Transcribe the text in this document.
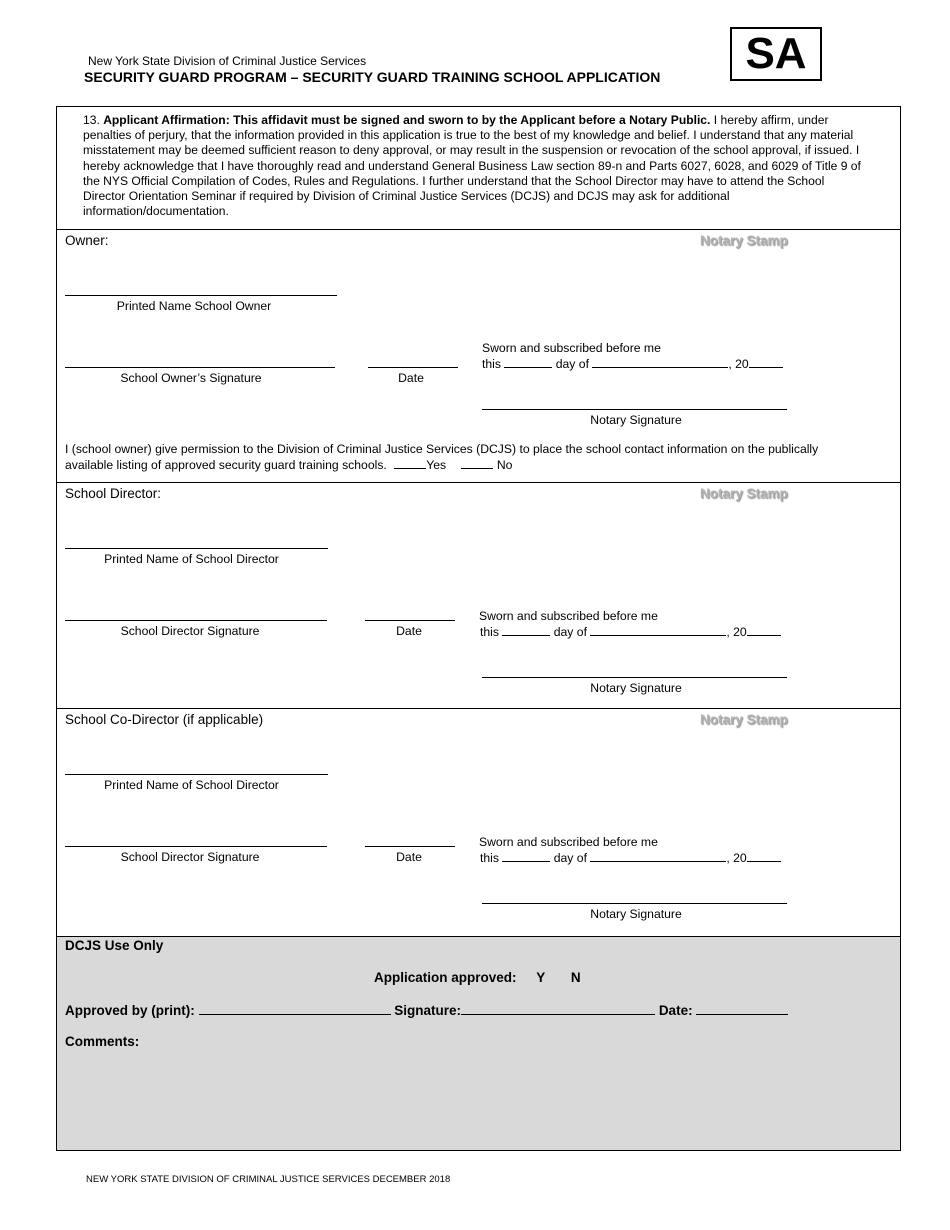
New York State Division of Criminal Justice Services
SECURITY GUARD PROGRAM – SECURITY GUARD TRAINING SCHOOL APPLICATION	SA
13. Applicant Affirmation: This affidavit must be signed and sworn to by the Applicant before a Notary Public. I hereby affirm, under penalties of perjury, that the information provided in this application is true to the best of my knowledge and belief. I understand that any material misstatement may be deemed sufficient reason to deny approval, or may result in the suspension or revocation of the school approval, if issued. I hereby acknowledge that I have thoroughly read and understand General Business Law section 89-n and Parts 6027, 6028, and 6029 of Title 9 of the NYS Official Compilation of Codes, Rules and Regulations. I further understand that the School Director may have to attend the School Director Orientation Seminar if required by Division of Criminal Justice Services (DCJS) and DCJS may ask for additional information/documentation.
Owner:	Notary Stamp
Printed Name School Owner
Sworn and subscribed before me
this	day of	, 20
School Owner’s Signature	Date
Notary Signature
I (school owner) give permission to the Division of Criminal Justice Services (DCJS) to place the school contact information on the publically available listing of approved security guard training schools.	Yes	No
School Director:	Notary Stamp
Printed Name of School Director
Sworn and subscribed before me
School Director Signature	Date	this	day of	, 20
Notary Signature
School Co-Director (if applicable)	Notary Stamp
Printed Name of School Director
Sworn and subscribed before me
School Director Signature	Date	this	day of	, 20
Notary Signature
DCJS Use Only
Application approved: Y N
Approved by (print):	Signature:	Date:
Comments:
NEW YORK STATE DIVISION OF CRIMINAL JUSTICE SERVICES DECEMBER 2018
